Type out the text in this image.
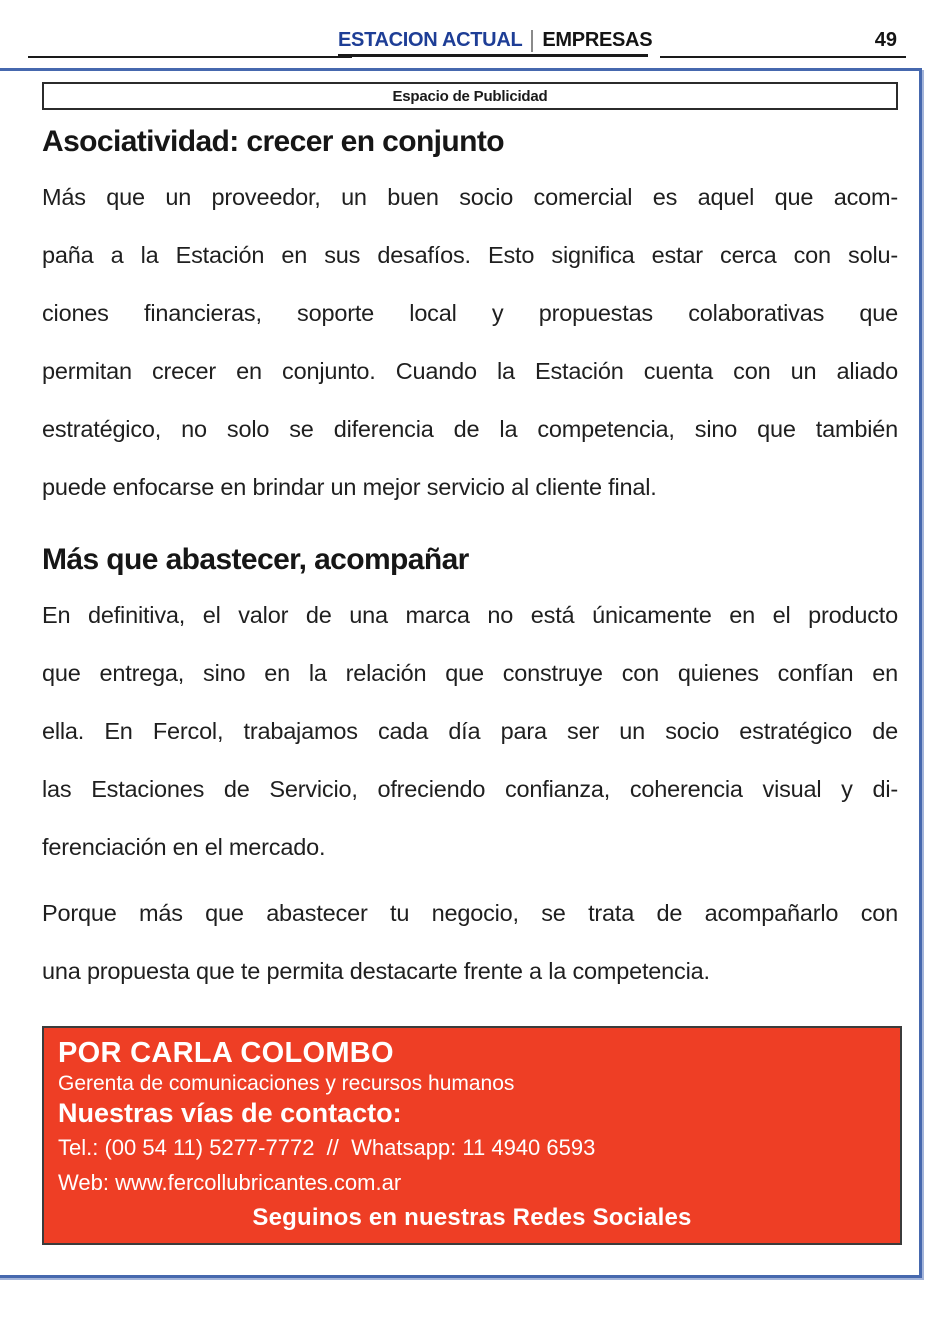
ESTACION ACTUAL EMPRESAS	49
Espacio de Publicidad
Asociatividad: crecer en conjunto
Más que un proveedor, un buen socio comercial es aquel que acom-
paña a la Estación en sus desafíos. Esto significa estar cerca con solu-
ciones financieras, soporte local y propuestas colaborativas que
permitan crecer en conjunto. Cuando la Estación cuenta con un aliado
estratégico, no solo se diferencia de la competencia, sino que también
puede enfocarse en brindar un mejor servicio al cliente final.
Más que abastecer, acompañar
En definitiva, el valor de una marca no está únicamente en el producto
que entrega, sino en la relación que construye con quienes confían en
ella. En Fercol, trabajamos cada día para ser un socio estratégico de
las Estaciones de Servicio, ofreciendo confianza, coherencia visual y di-
ferenciación en el mercado.
Porque más que abastecer tu negocio, se trata de acompañarlo con
una propuesta que te permita destacarte frente a la competencia.
POR CARLA COLOMBO
Gerenta de comunicaciones y recursos humanos
Nuestras vías de contacto:
Tel.: (00 54 11) 5277-7772  //  Whatsapp: 11 4940 6593
Web: www.fercollubricantes.com.ar
Seguinos en nuestras Redes Sociales
